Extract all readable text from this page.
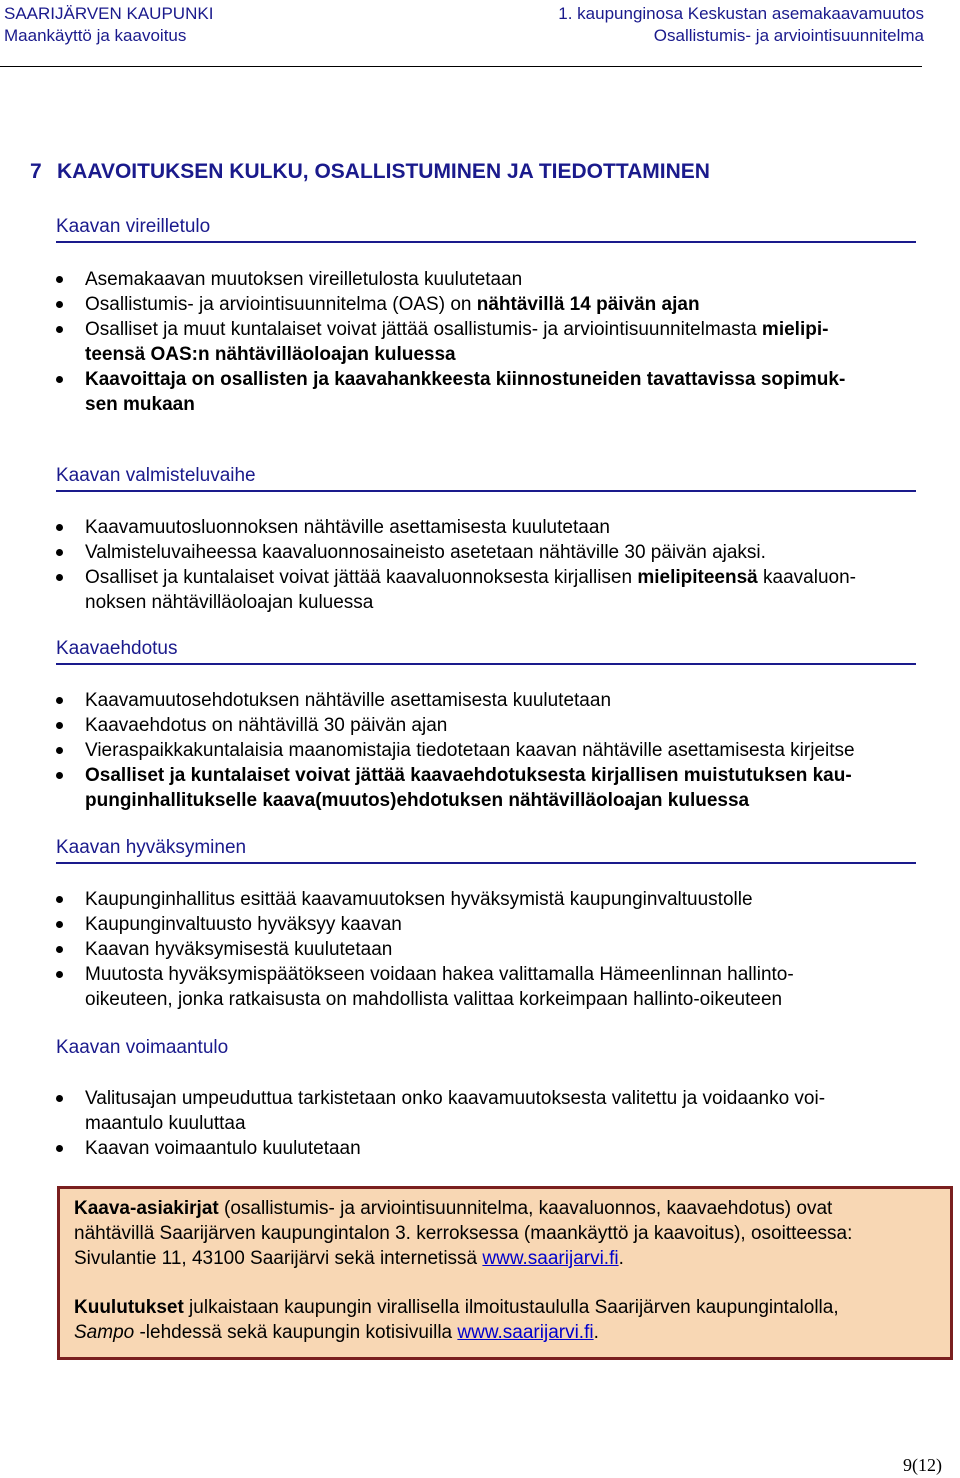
SAARIJÄRVEN KAUPUNKI
Maankäyttö ja kaavoitus
1. kaupunginosa Keskustan asemakaavamuutos
Osallistumis- ja arviointisuunnitelma
7 KAAVOITUKSEN KULKU, OSALLISTUMINEN JA TIEDOTTAMINEN
Kaavan vireilletulo
Asemakaavan muutoksen vireilletulosta kuulutetaan
Osallistumis- ja arviointisuunnitelma (OAS) on nähtävillä 14 päivän ajan
Osalliset ja muut kuntalaiset voivat jättää osallistumis- ja arviointisuunnitelmasta mielipi-
teensä OAS:n nähtävilläoloajan kuluessa
Kaavoittaja on osallisten ja kaavahankkeesta kiinnostuneiden tavattavissa sopimuk-
sen mukaan
Kaavan valmisteluvaihe
Kaavamuutosluonnoksen nähtäville asettamisesta kuulutetaan
Valmisteluvaiheessa kaavaluonnosaineisto asetetaan nähtäville 30 päivän ajaksi.
Osalliset ja kuntalaiset voivat jättää kaavaluonnoksesta kirjallisen mielipiteensä kaavaluon-
noksen nähtävilläoloajan kuluessa
Kaavaehdotus
Kaavamuutosehdotuksen nähtäville asettamisesta kuulutetaan
Kaavaehdotus on nähtävillä 30 päivän ajan
Vieraspaikkakuntalaisia maanomistajia tiedotetaan kaavan nähtäville asettamisesta kirjeitse
Osalliset ja kuntalaiset voivat jättää kaavaehdotuksesta kirjallisen muistutuksen kau-
punginhallitukselle kaava(muutos)ehdotuksen nähtävilläoloajan kuluessa
Kaavan hyväksyminen
Kaupunginhallitus esittää kaavamuutoksen hyväksymistä kaupunginvaltuustolle
Kaupunginvaltuusto hyväksyy kaavan
Kaavan hyväksymisestä kuulutetaan
Muutosta hyväksymispäätökseen voidaan hakea valittamalla Hämeenlinnan hallinto-
oikeuteen, jonka ratkaisusta on mahdollista valittaa korkeimpaan hallinto-oikeuteen
Kaavan voimaantulo
Valitusajan umpeuduttua tarkistetaan onko kaavamuutoksesta valitettu ja voidaanko voi-
maantulo kuuluttaa
Kaavan voimaantulo kuulutetaan
Kaava-asiakirjat (osallistumis- ja arviointisuunnitelma, kaavaluonnos, kaavaehdotus) ovat
nähtävillä Saarijärven kaupungintalon 3. kerroksessa (maankäyttö ja kaavoitus), osoitteessa:
Sivulantie 11, 43100 Saarijärvi sekä internetissä www.saarijarvi.fi.
Kuulutukset julkaistaan kaupungin virallisella ilmoitustaululla Saarijärven kaupungintalolla,
Sampo -lehdessä sekä kaupungin kotisivuilla www.saarijarvi.fi.
9(12)
